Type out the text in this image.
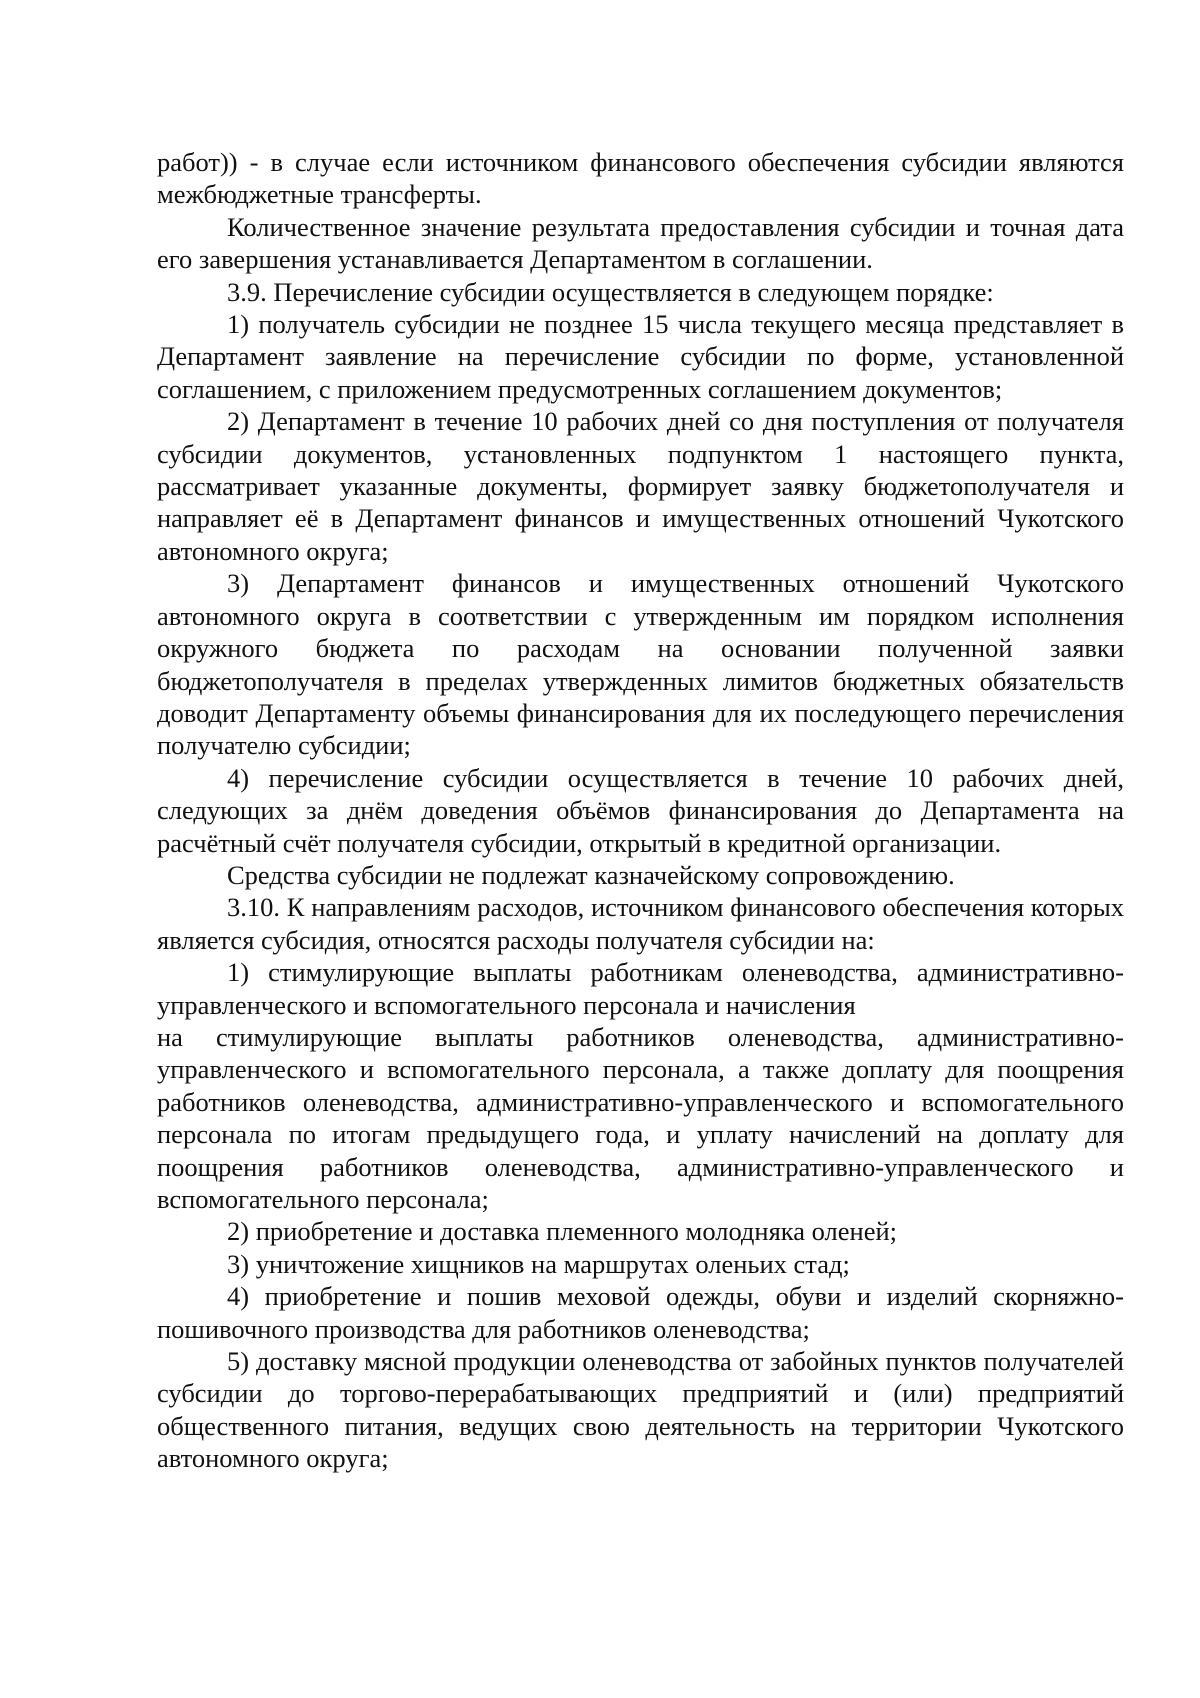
работ)) - в случае если источником финансового обеспечения субсидии являются межбюджетные трансферты.

Количественное значение результата предоставления субсидии и точная дата его завершения устанавливается Департаментом в соглашении.

3.9. Перечисление субсидии осуществляется в следующем порядке:

1) получатель субсидии не позднее 15 числа текущего месяца представляет в Департамент заявление на перечисление субсидии по форме, установленной соглашением, с приложением предусмотренных соглашением документов;

2) Департамент в течение 10 рабочих дней со дня поступления от получателя субсидии документов, установленных подпунктом 1 настоящего пункта, рассматривает указанные документы, формирует заявку бюджетополучателя и направляет её в Департамент финансов и имущественных отношений Чукотского автономного округа;

3) Департамент финансов и имущественных отношений Чукотского автономного округа в соответствии с утвержденным им порядком исполнения окружного бюджета по расходам на основании полученной заявки бюджетополучателя в пределах утвержденных лимитов бюджетных обязательств доводит Департаменту объемы финансирования для их последующего перечисления получателю субсидии;

4) перечисление субсидии осуществляется в течение 10 рабочих дней, следующих за днём доведения объёмов финансирования до Департамента на расчётный счёт получателя субсидии, открытый в кредитной организации.

Средства субсидии не подлежат казначейскому сопровождению.

3.10. К направлениям расходов, источником финансового обеспечения которых является субсидия, относятся расходы получателя субсидии на:

1) стимулирующие выплаты работникам оленеводства, административно-управленческого и вспомогательного персонала и начисления

на стимулирующие выплаты работников оленеводства, административно-управленческого и вспомогательного персонала, а также доплату для поощрения работников оленеводства, административно-управленческого и вспомогательного персонала по итогам предыдущего года, и уплату начислений на доплату для поощрения работников оленеводства, административно-управленческого и вспомогательного персонала;

2) приобретение и доставка племенного молодняка оленей;

3) уничтожение хищников на маршрутах оленьих стад;

4) приобретение и пошив меховой одежды, обуви и изделий скорняжно-пошивочного производства для работников оленеводства;

5) доставку мясной продукции оленеводства от забойных пунктов получателей субсидии до торгово-перерабатывающих предприятий и (или) предприятий общественного питания, ведущих свою деятельность на территории Чукотского автономного округа;
